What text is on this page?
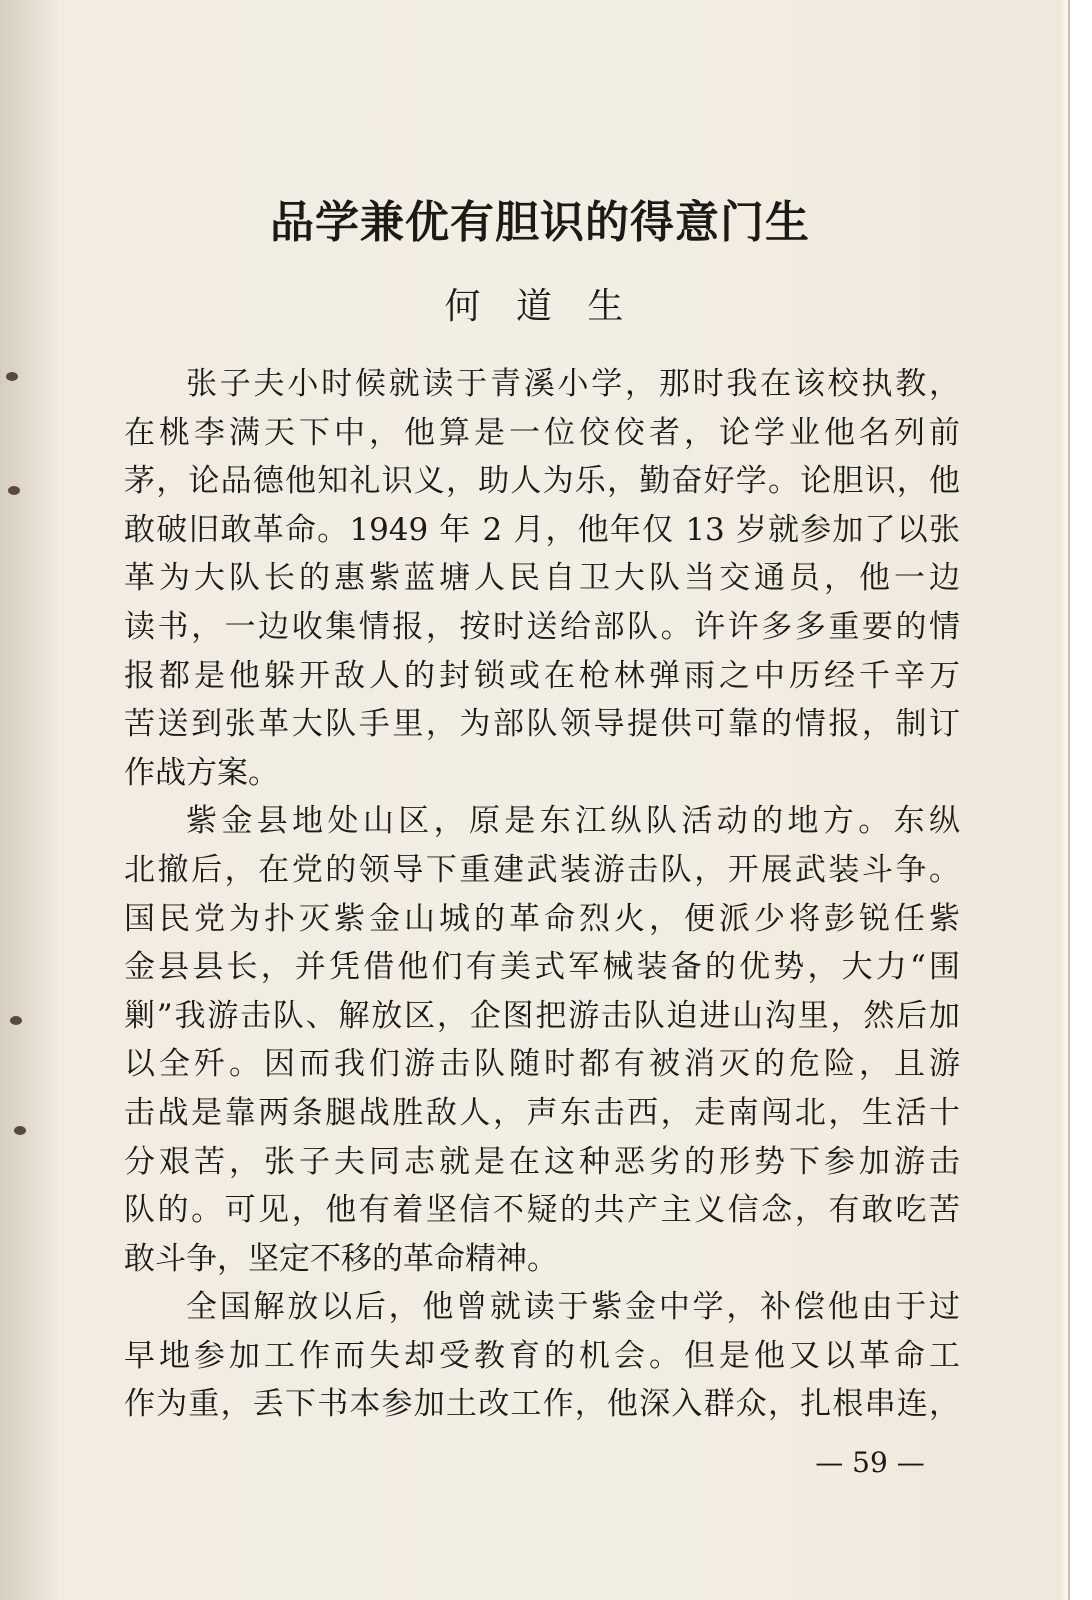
品学兼优有胆识的得意门生
何 道 生
张子夫小时候就读于青溪小学，那时我在该校执教，
在桃李满天下中，他算是一位佼佼者，论学业他名列前
茅，论品德他知礼识义，助人为乐，勤奋好学。论胆识，他
敢破旧敢革命。1949 年 2 月，他年仅 13 岁就参加了以张
革为大队长的惠紫蓝塘人民自卫大队当交通员，他一边
读书，一边收集情报，按时送给部队。许许多多重要的情
报都是他躲开敌人的封锁或在枪林弹雨之中历经千辛万
苦送到张革大队手里，为部队领导提供可靠的情报，制订
作战方案。
紫金县地处山区，原是东江纵队活动的地方。东纵
北撤后，在党的领导下重建武装游击队，开展武装斗争。
国民党为扑灭紫金山城的革命烈火，便派少将彭锐任紫
金县县长，并凭借他们有美式军械装备的优势，大力“围
剿”我游击队、解放区，企图把游击队迫进山沟里，然后加
以全歼。因而我们游击队随时都有被消灭的危险，且游
击战是靠两条腿战胜敌人，声东击西，走南闯北，生活十
分艰苦，张子夫同志就是在这种恶劣的形势下参加游击
队的。可见，他有着坚信不疑的共产主义信念，有敢吃苦
敢斗争，坚定不移的革命精神。
全国解放以后，他曾就读于紫金中学，补偿他由于过
早地参加工作而失却受教育的机会。但是他又以革命工
作为重，丢下书本参加土改工作，他深入群众，扎根串连，
— 59 —
